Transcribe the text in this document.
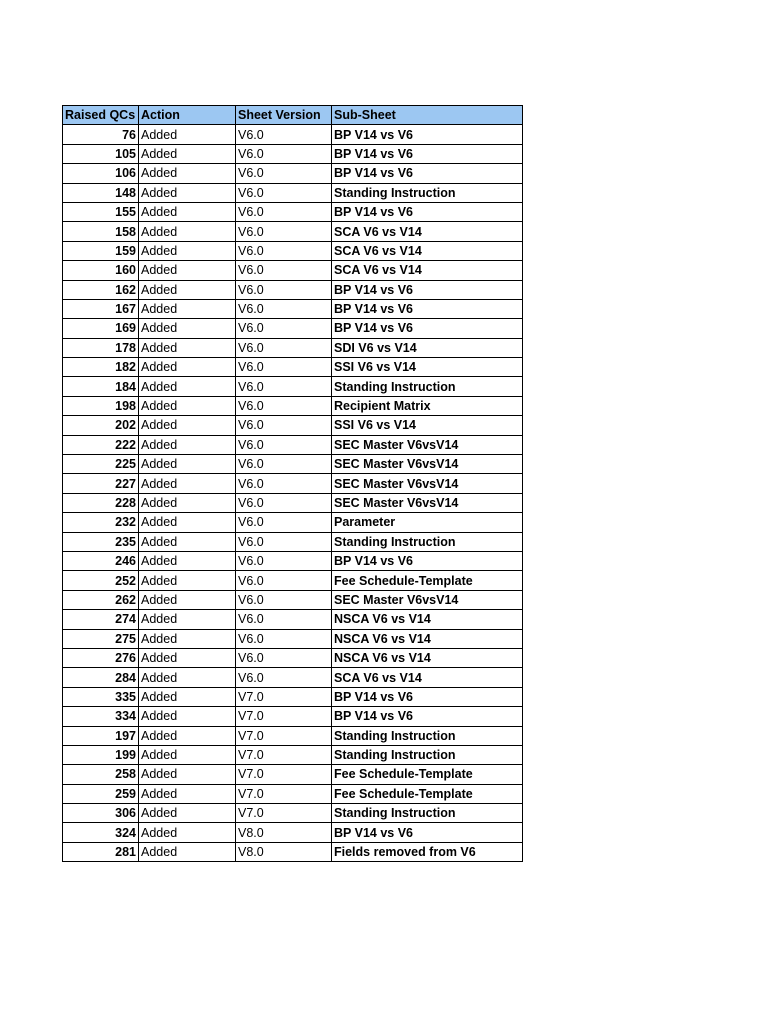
Raised QCs	Action	Sheet Version	Sub-Sheet
76	Added	V6.0	BP V14 vs V6
105	Added	V6.0	BP V14 vs V6
106	Added	V6.0	BP V14 vs V6
148	Added	V6.0	Standing Instruction
155	Added	V6.0	BP V14 vs V6
158	Added	V6.0	SCA V6 vs V14
159	Added	V6.0	SCA V6 vs V14
160	Added	V6.0	SCA V6 vs V14
162	Added	V6.0	BP V14 vs V6
167	Added	V6.0	BP V14 vs V6
169	Added	V6.0	BP V14 vs V6
178	Added	V6.0	SDI V6 vs V14
182	Added	V6.0	SSI V6 vs V14
184	Added	V6.0	Standing Instruction
198	Added	V6.0	Recipient Matrix
202	Added	V6.0	SSI V6 vs V14
222	Added	V6.0	SEC Master V6vsV14
225	Added	V6.0	SEC Master V6vsV14
227	Added	V6.0	SEC Master V6vsV14
228	Added	V6.0	SEC Master V6vsV14
232	Added	V6.0	Parameter
235	Added	V6.0	Standing Instruction
246	Added	V6.0	BP V14 vs V6
252	Added	V6.0	Fee Schedule-Template
262	Added	V6.0	SEC Master V6vsV14
274	Added	V6.0	NSCA V6 vs V14
275	Added	V6.0	NSCA V6 vs V14
276	Added	V6.0	NSCA V6 vs V14
284	Added	V6.0	SCA V6 vs V14
335	Added	V7.0	BP V14 vs V6
334	Added	V7.0	BP V14 vs V6
197	Added	V7.0	Standing Instruction
199	Added	V7.0	Standing Instruction
258	Added	V7.0	Fee Schedule-Template
259	Added	V7.0	Fee Schedule-Template
306	Added	V7.0	Standing Instruction
324	Added	V8.0	BP V14 vs V6
281	Added	V8.0	Fields removed from V6
